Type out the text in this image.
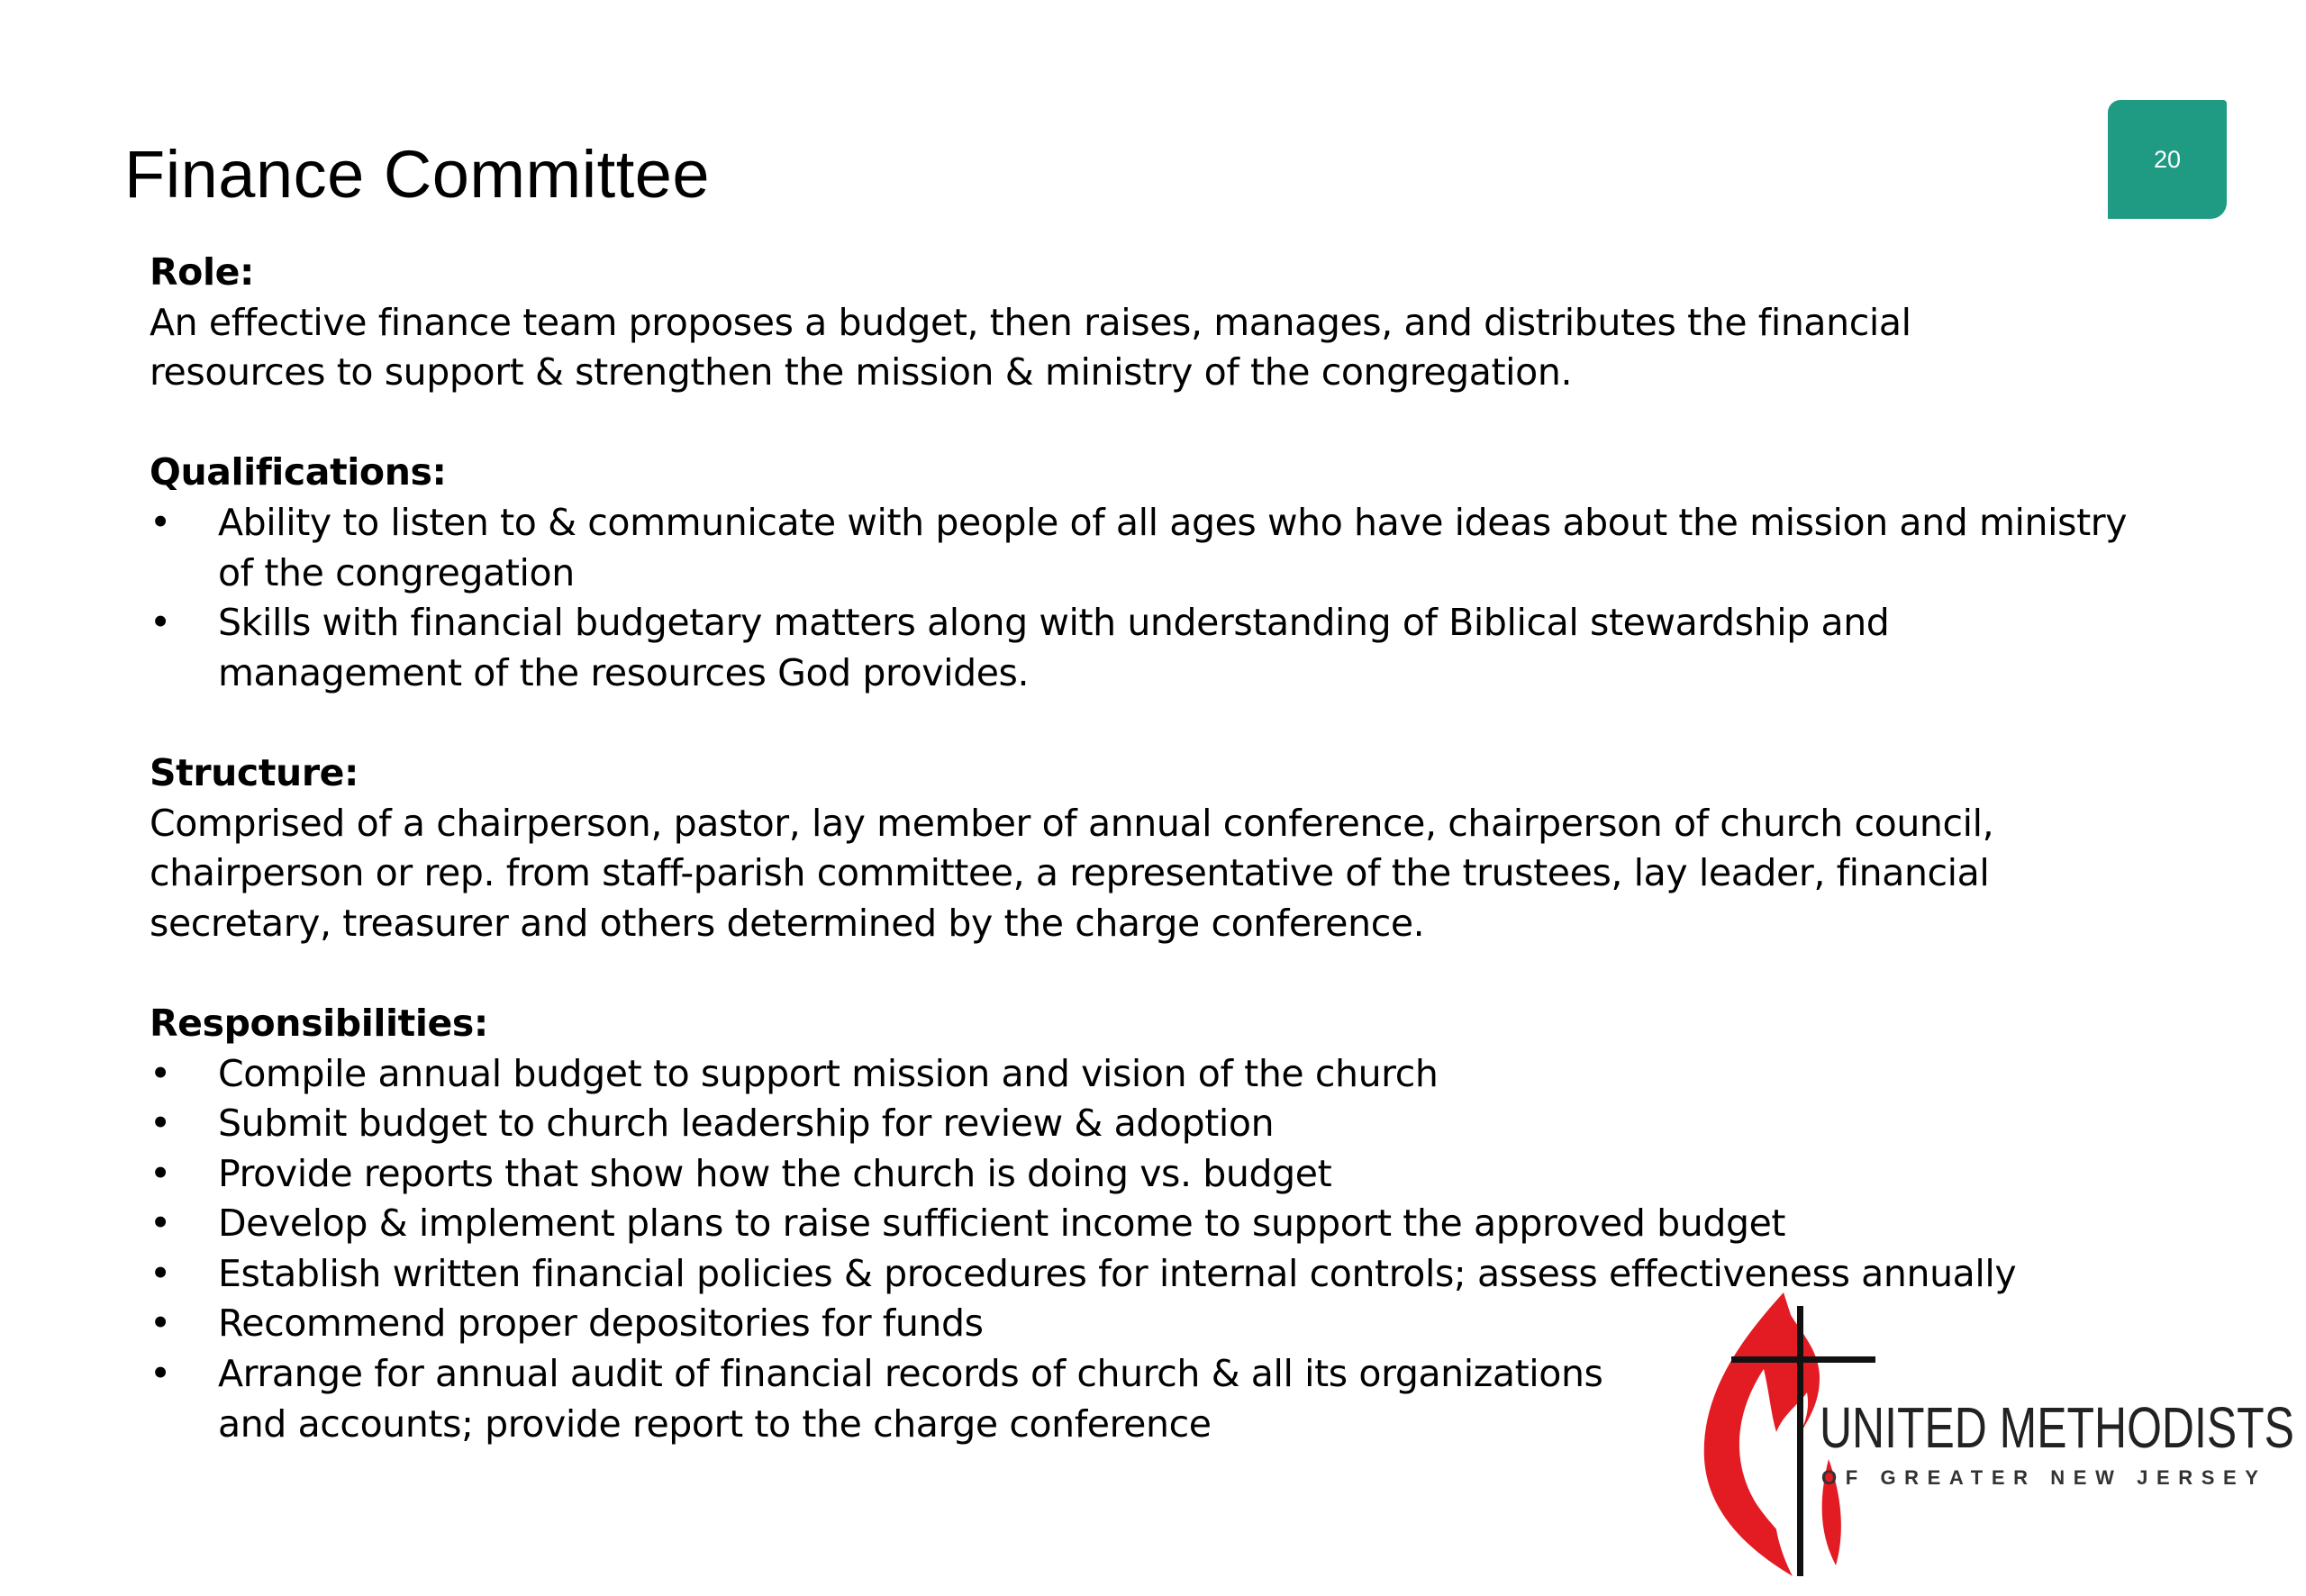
Finance Committee	20
Role:

An effective finance team proposes a budget, then raises, manages, and distributes the financial resources to support & strengthen the mission & ministry of the congregation.

Qualifications:
• Ability to listen to & communicate with people of all ages who have ideas about the mission and ministry of the congregation
• Skills with financial budgetary matters along with understanding of Biblical stewardship and management of the resources God provides.
Structure:

Comprised of a chairperson, pastor, lay member of annual conference, chairperson of church council, chairperson or rep. from staff-parish committee, a representative of the trustees, lay leader, financial secretary, treasurer and others determined by the charge conference.

Responsibilities:
• Compile annual budget to support mission and vision of the church
• Submit budget to church leadership for review & adoption
• Provide reports that show how the church is doing vs. budget
• Develop & implement plans to raise sufficient income to support the approved budget
• Establish written financial policies & procedures for internal controls; assess effectiveness annually
• Recommend proper depositories for funds
• Arrange for annual audit of financial records of church & all its organizations and accounts; provide report to the charge conference	UNITED METHODISTS
OF GREATER NEW JERSEY
